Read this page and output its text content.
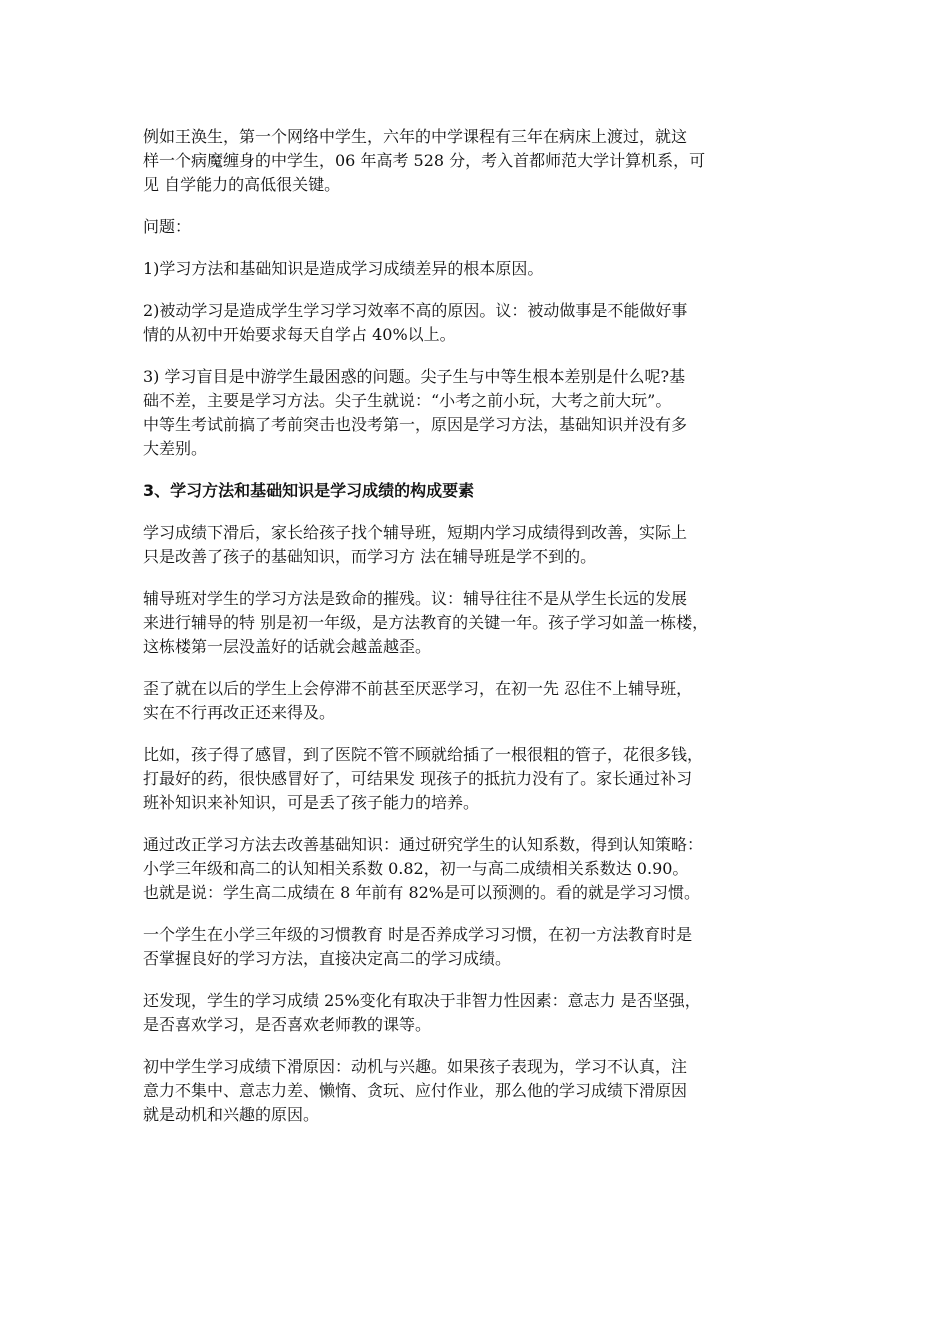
例如王涣生，第一个网络中学生，六年的中学课程有三年在病床上渡过，就这
样一个病魔缠身的中学生，06 年高考 528 分，考入首都师范大学计算机系，可
见 自学能力的高低很关键。
问题：
1)学习方法和基础知识是造成学习成绩差异的根本原因。
2)被动学习是造成学生学习学习效率不高的原因。议：被动做事是不能做好事
情的从初中开始要求每天自学占 40%以上。
3) 学习盲目是中游学生最困惑的问题。尖子生与中等生根本差别是什么呢?基
础不差，主要是学习方法。尖子生就说：“小考之前小玩，大考之前大玩”。
中等生考试前搞了考前突击也没考第一，原因是学习方法，基础知识并没有多
大差别。
3、学习方法和基础知识是学习成绩的构成要素
学习成绩下滑后，家长给孩子找个辅导班，短期内学习成绩得到改善，实际上
只是改善了孩子的基础知识，而学习方 法在辅导班是学不到的。
辅导班对学生的学习方法是致命的摧残。议：辅导往往不是从学生长远的发展
来进行辅导的特 别是初一年级，是方法教育的关键一年。孩子学习如盖一栋楼，
这栋楼第一层没盖好的话就会越盖越歪。
歪了就在以后的学生上会停滞不前甚至厌恶学习，在初一先 忍住不上辅导班，
实在不行再改正还来得及。
比如，孩子得了感冒，到了医院不管不顾就给插了一根很粗的管子，花很多钱，
打最好的药，很快感冒好了，可结果发 现孩子的抵抗力没有了。家长通过补习
班补知识来补知识，可是丢了孩子能力的培养。
通过改正学习方法去改善基础知识：通过研究学生的认知系数，得到认知策略：
小学三年级和高二的认知相关系数 0.82，初一与高二成绩相关系数达 0.90。
也就是说：学生高二成绩在 8 年前有 82%是可以预测的。看的就是学习习惯。
一个学生在小学三年级的习惯教育 时是否养成学习习惯，在初一方法教育时是
否掌握良好的学习方法，直接决定高二的学习成绩。
还发现，学生的学习成绩 25%变化有取决于非智力性因素：意志力 是否坚强，
是否喜欢学习，是否喜欢老师教的课等。
初中学生学习成绩下滑原因：动机与兴趣。如果孩子表现为，学习不认真，注
意力不集中、意志力差、懒惰、贪玩、应付作业，那么他的学习成绩下滑原因
就是动机和兴趣的原因。
